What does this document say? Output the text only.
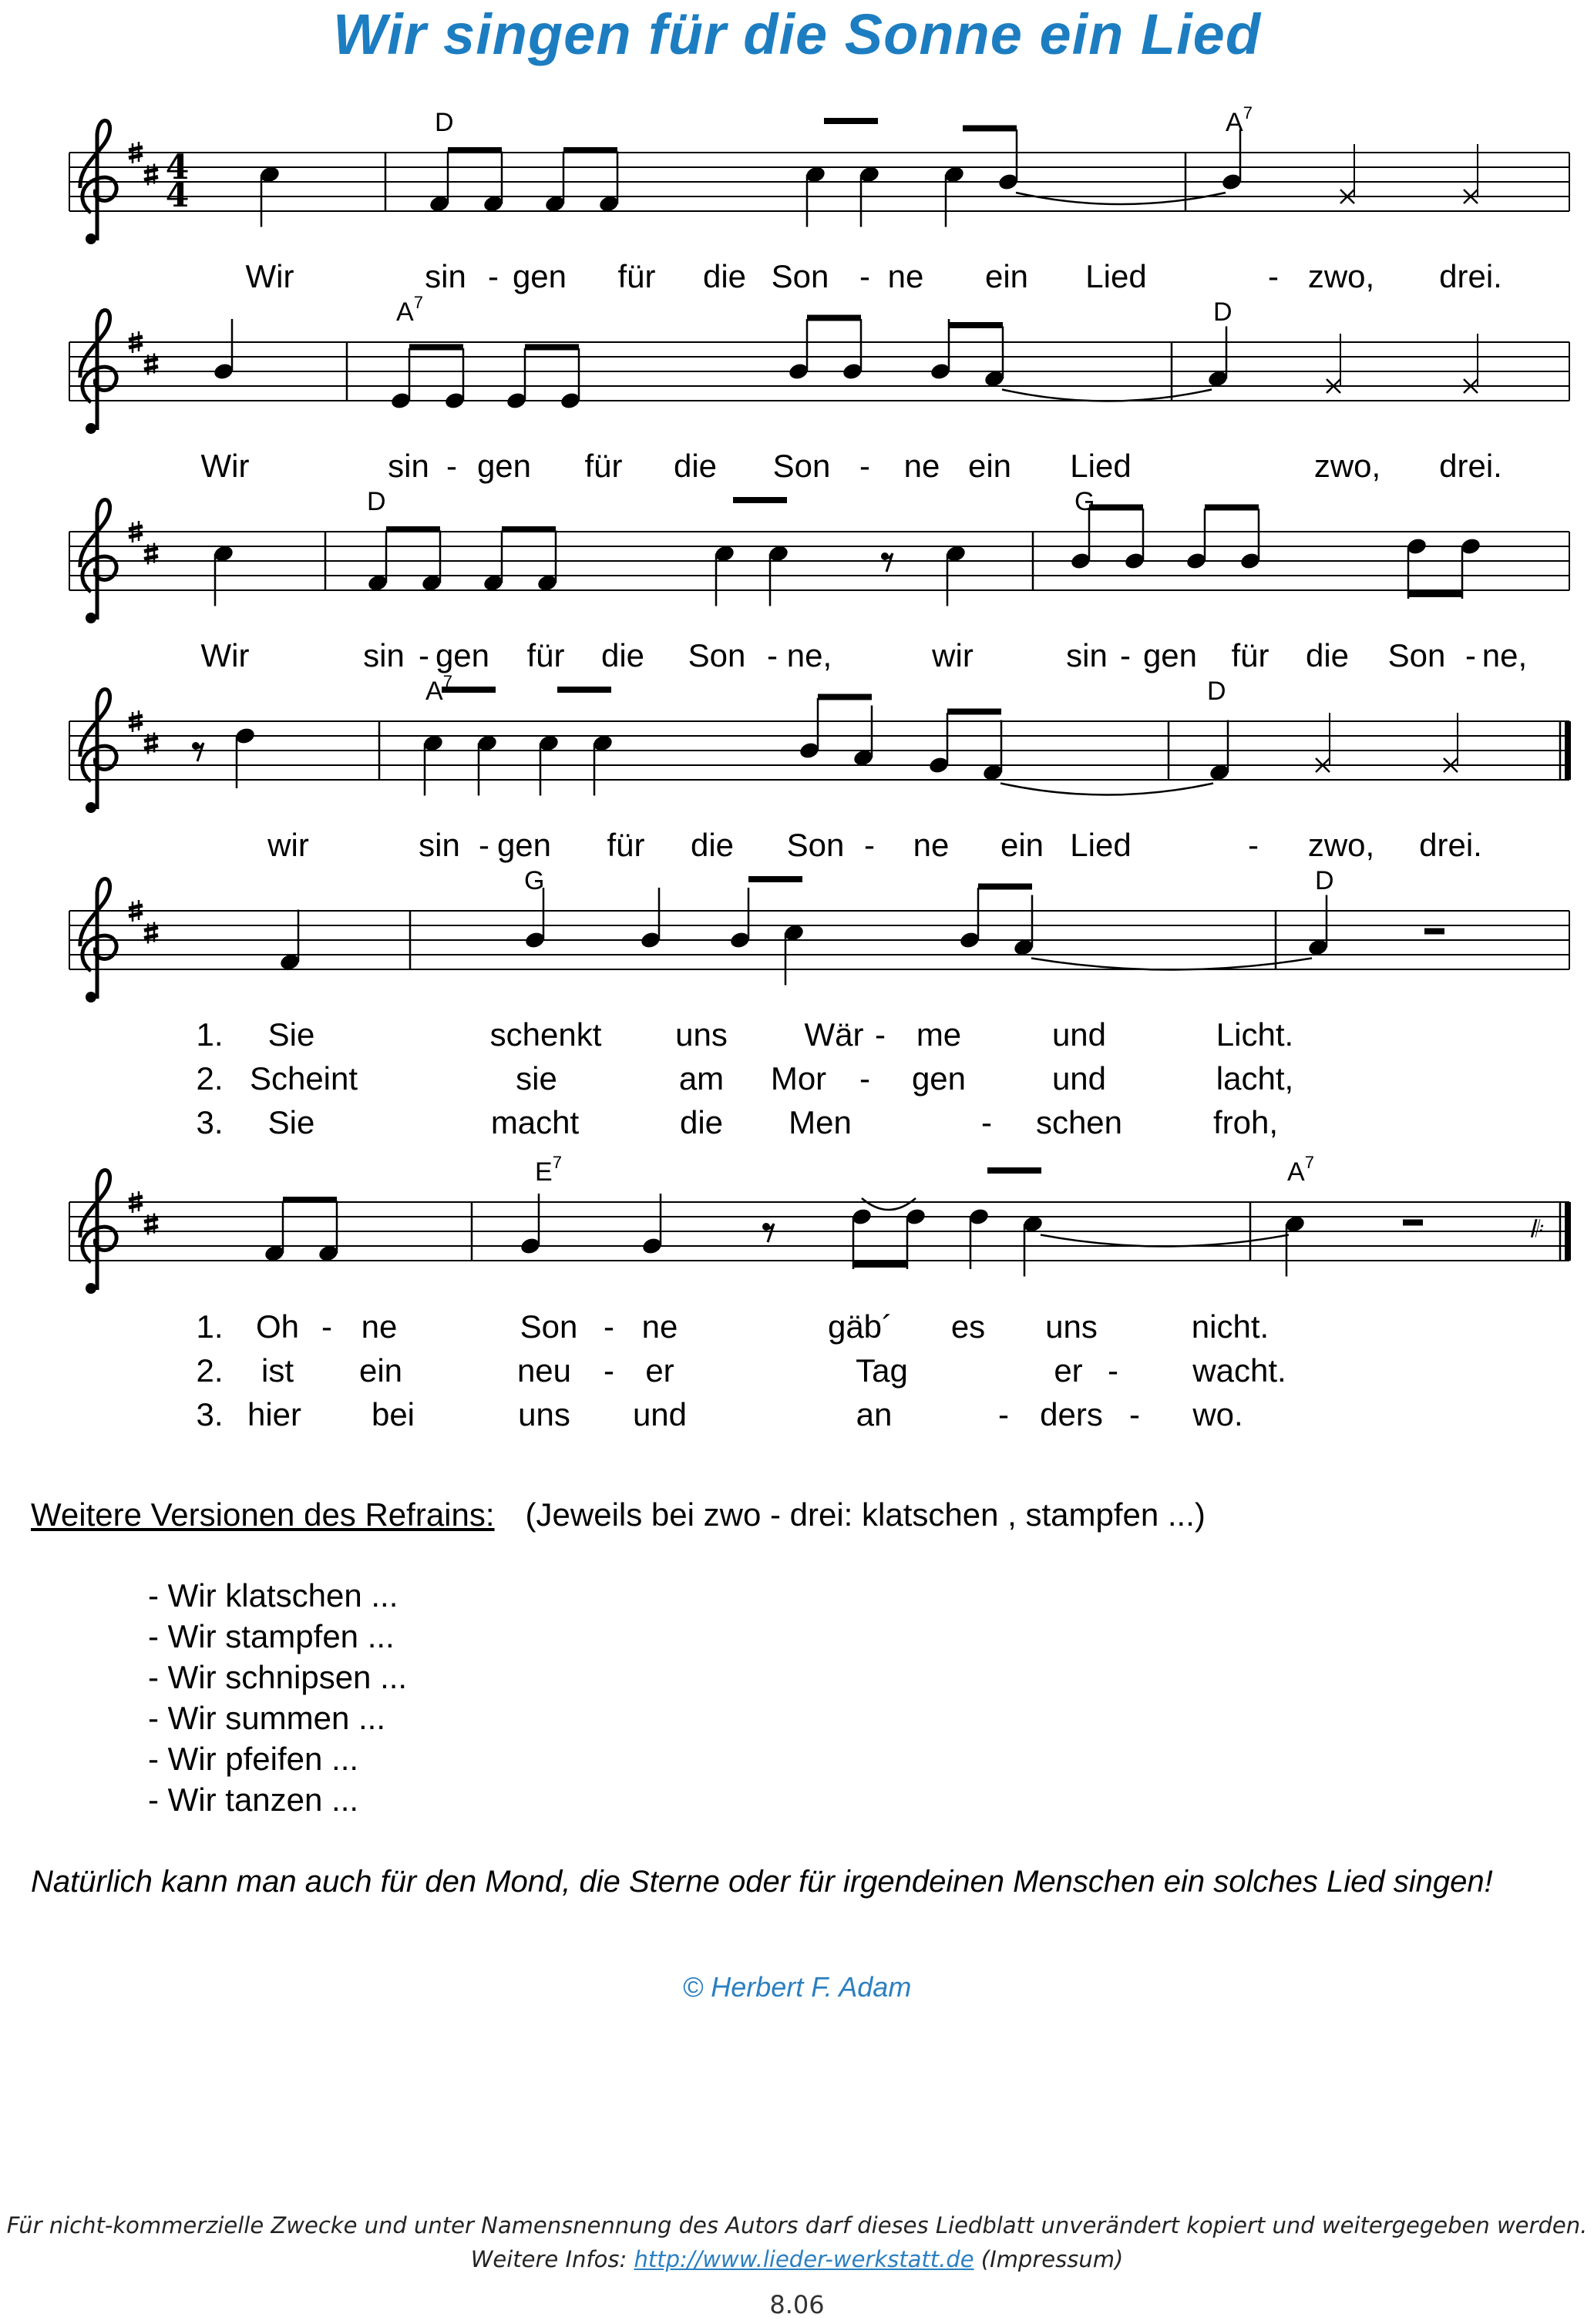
Wir singen für die Sonne ein Lied
4
4
𝄆
D	$A^7$
$A^7$	D
D	G
$A^7$	D
G	D
$E^7$	$A^7$
Wir	sin - gen für die Son - ne ein Lied	- zwo, drei.
Wir	sin - gen für die Son - ne ein Lied	zwo, drei.
Wir	sin - gen für die Son - ne,	wir	sin - gen für die Son - ne,
wir	sin - gen für die Son - ne ein Lied	- zwo, drei.
1. Sie	schenkt uns Wär - me	und	Licht.
2. Scheint	sie	am Mor - gen	und	lacht,
3. Sie	macht	die Men	- schen	froh,
1. Oh - ne	Son - ne	gäb´ es uns	nicht.
2. ist ein	neu - er	Tag	er - wacht.
3. hier bei	uns und	an	- ders - wo.
Weitere Versionen des Refrains: (Jeweils bei zwo - drei: klatschen , stampfen ...)
- Wir klatschen ...
- Wir stampfen ...
- Wir schnipsen ...
- Wir summen ...
- Wir pfeifen ...
- Wir tanzen ...
Natürlich kann man auch für den Mond, die Sterne oder für irgendeinen Menschen ein solches Lied singen!
© Herbert F. Adam
Für nicht-kommerzielle Zwecke und unter Namensnennung des Autors darf dieses Liedblatt unverändert kopiert und weitergegeben werden.
Weitere Infos: http://www.lieder-werkstatt.de (Impressum)
8.06
